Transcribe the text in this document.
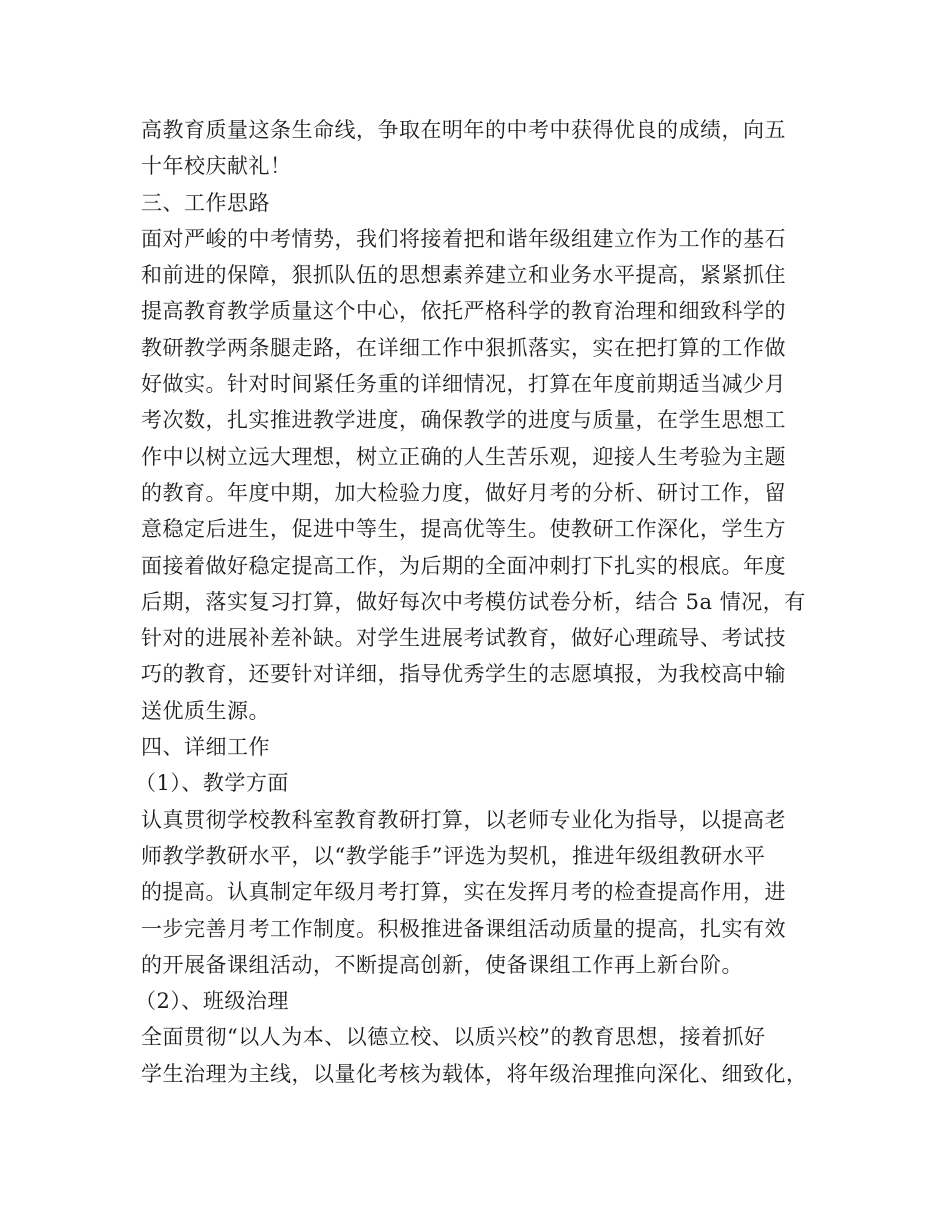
高教育质量这条生命线，争取在明年的中考中获得优良的成绩，向五
十年校庆献礼！
三、工作思路
面对严峻的中考情势，我们将接着把和谐年级组建立作为工作的基石
和前进的保障，狠抓队伍的思想素养建立和业务水平提高，紧紧抓住
提高教育教学质量这个中心，依托严格科学的教育治理和细致科学的
教研教学两条腿走路，在详细工作中狠抓落实，实在把打算的工作做
好做实。针对时间紧任务重的详细情况，打算在年度前期适当减少月
考次数，扎实推进教学进度，确保教学的进度与质量，在学生思想工
作中以树立远大理想，树立正确的人生苦乐观，迎接人生考验为主题
的教育。年度中期，加大检验力度，做好月考的分析、研讨工作，留
意稳定后进生，促进中等生，提高优等生。使教研工作深化，学生方
面接着做好稳定提高工作，为后期的全面冲刺打下扎实的根底。年度
后期，落实复习打算，做好每次中考模仿试卷分析，结合 5a 情况，有
针对的进展补差补缺。对学生进展考试教育，做好心理疏导、考试技
巧的教育，还要针对详细，指导优秀学生的志愿填报，为我校高中输
送优质生源。
四、详细工作
（1）、教学方面
认真贯彻学校教科室教育教研打算，以老师专业化为指导，以提高老
师教学教研水平，以“教学能手”评选为契机，推进年级组教研水平
的提高。认真制定年级月考打算，实在发挥月考的检查提高作用，进
一步完善月考工作制度。积极推进备课组活动质量的提高，扎实有效
的开展备课组活动，不断提高创新，使备课组工作再上新台阶。
（2）、班级治理
全面贯彻“以人为本、以德立校、以质兴校”的教育思想，接着抓好
学生治理为主线，以量化考核为载体，将年级治理推向深化、细致化，
